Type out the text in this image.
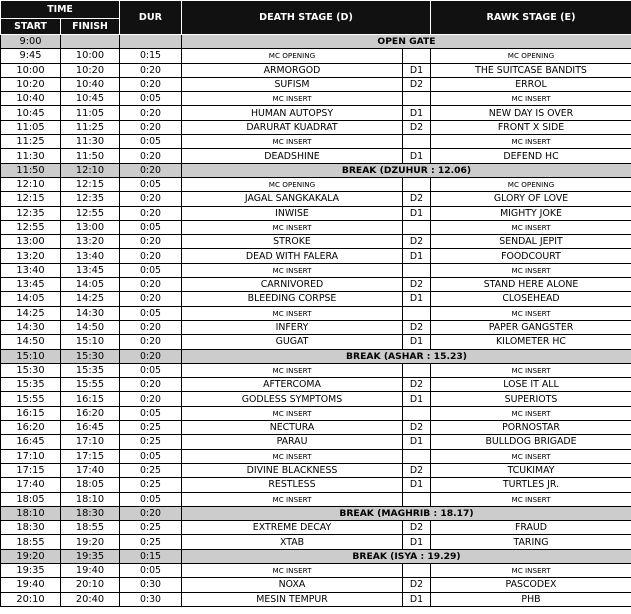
TIME		DUR	DEATH STAGE (D)		RAWK STAGE (E)
START	FINISH				
9:00			OPEN GATE		
9:45	10:00	0:15	MC OPENING		MC OPENING
10:00	10:20	0:20	ARMORGOD	D1	THE SUITCASE BANDITS
10:20	10:40	0:20	SUFISM	D2	ERROL
10:40	10:45	0:05	MC INSERT		MC INSERT
10:45	11:05	0:20	HUMAN AUTOPSY	D1	NEW DAY IS OVER
11:05	11:25	0:20	DARURAT KUADRAT	D2	FRONT X SIDE
11:25	11:30	0:05	MC INSERT		MC INSERT
11:30	11:50	0:20	DEADSHINE	D1	DEFEND HC
11:50	12:10	0:20	BREAK (DZUHUR : 12.06)		
12:10	12:15	0:05	MC OPENING		MC OPENING
12:15	12:35	0:20	JAGAL SANGKAKALA	D2	GLORY OF LOVE
12:35	12:55	0:20	INWISE	D1	MIGHTY JOKE
12:55	13:00	0:05	MC INSERT		MC INSERT
13:00	13:20	0:20	STROKE	D2	SENDAL JEPIT
13:20	13:40	0:20	DEAD WITH FALERA	D1	FOODCOURT
13:40	13:45	0:05	MC INSERT		MC INSERT
13:45	14:05	0:20	CARNIVORED	D2	STAND HERE ALONE
14:05	14:25	0:20	BLEEDING CORPSE	D1	CLOSEHEAD
14:25	14:30	0:05	MC INSERT		MC INSERT
14:30	14:50	0:20	INFERY	D2	PAPER GANGSTER
14:50	15:10	0:20	GUGAT	D1	KILOMETER HC
15:10	15:30	0:20	BREAK (ASHAR : 15.23)		
15:30	15:35	0:05	MC INSERT		MC INSERT
15:35	15:55	0:20	AFTERCOMA	D2	LOSE IT ALL
15:55	16:15	0:20	GODLESS SYMPTOMS	D1	SUPERIOTS
16:15	16:20	0:05	MC INSERT		MC INSERT
16:20	16:45	0:25	NECTURA	D2	PORNOSTAR
16:45	17:10	0:25	PARAU	D1	BULLDOG BRIGADE
17:10	17:15	0:05	MC INSERT		MC INSERT
17:15	17:40	0:25	DIVINE BLACKNESS	D2	TCUKIMAY
17:40	18:05	0:25	RESTLESS	D1	TURTLES JR.
18:05	18:10	0:05	MC INSERT		MC INSERT
18:10	18:30	0:20	BREAK (MAGHRIB : 18.17)		
18:30	18:55	0:25	EXTREME DECAY	D2	FRAUD
18:55	19:20	0:25	XTAB	D1	TARING
19:20	19:35	0:15	BREAK (ISYA : 19.29)		
19:35	19:40	0:05	MC INSERT		MC INSERT
19:40	20:10	0:30	NOXA	D2	PASCODEX
20:10	20:40	0:30	MESIN TEMPUR	D1	PHB
